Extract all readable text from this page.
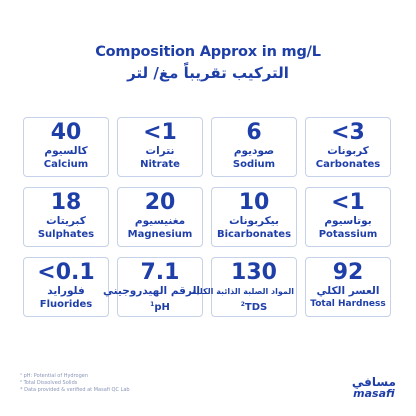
Composition Approx in mg/L
التركيب تقريباً مغ/ لتر
40
كالسيوم
Calcium
<1
نترات
Nitrate
6
صوديوم
Sodium
<3
كربونات
Carbonates
18
كبريتات
Sulphates
20
مغنيسيوم
Magnesium
10
بيكربونات
Bicarbonates
<1
بوتاسيوم
Potassium
<0.1
فلورايد
Fluorides
7.1
الرقم الهيدروجيني
$^1$pH
130
المواد الصلبة الذائبة الكلية
$^2$TDS
92
العسر الكلي
Total Hardness
¹ pH: Potential of Hydrogen
² Total Dissolved Solids
* Data provided & verified at Masafi QC Lab
مسافي
masafi
